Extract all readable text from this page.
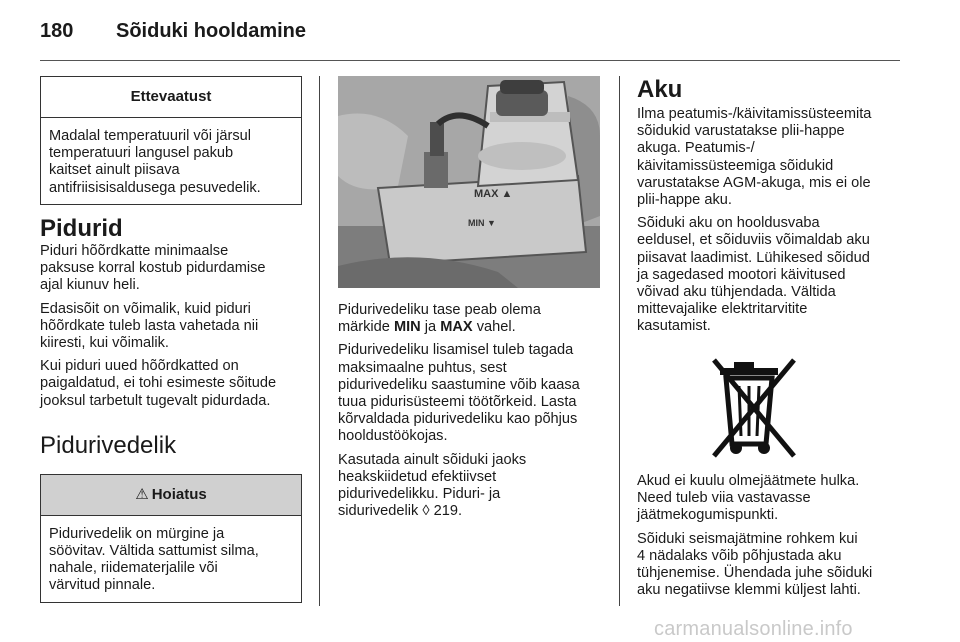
180 Sõiduki hooldamine
Ettevaatust
Madalal temperatuuril või järsul
temperatuuri langusel pakub
kaitset ainult piisava
antifriisisisaldusega pesuvedelik.
Pidurid

Piduri hõõrdkatte minimaalse
paksuse korral kostub pidurdamise
ajal kiunuv heli.

Edasisõit on võimalik, kuid piduri
hõõrdkate tuleb lasta vahetada nii
kiiresti, kui võimalik.

Kui piduri uued hõõrdkatted on
paigaldatud, ei tohi esimeste sõitude
jooksul tarbetult tugevalt pidurdada.

Pidurivedelik
⚠ Hoiatus
Pidurivedelik on mürgine ja
söövitav. Vältida sattumist silma,
nahale, riidematerjalile või
värvitud pinnale.
MAX ▲
MIN ▼

Pidurivedeliku tase peab olema
märkide MIN ja MAX vahel.

Pidurivedeliku lisamisel tuleb tagada
maksimaalne puhtus, sest
pidurivedeliku saastumine võib kaasa
tuua pidurisüsteemi töötõrkeid. Lasta
kõrvaldada pidurivedeliku kao põhjus
hooldustöökojas.

Kasutada ainult sõiduki jaoks
heakskiidetud efektiivset
pidurivedelikku. Piduri- ja
sidurivedelik ◊ 219.

Aku

Ilma peatumis-/käivitamissüsteemita
sõidukid varustatakse plii-happe
akuga. Peatumis-/
käivitamissüsteemiga sõidukid
varustatakse AGM-akuga, mis ei ole
plii-happe aku.

Sõiduki aku on hooldusvaba
eeldusel, et sõiduviis võimaldab aku
piisavat laadimist. Lühikesed sõidud
ja sagedased mootori käivitused
võivad aku tühjendada. Vältida
mittevajalike elektritarvitite
kasutamist.

Akud ei kuulu olmejäätmete hulka.
Need tuleb viia vastavasse
jäätmekogumispunkti.

Sõiduki seismajätmine rohkem kui
4 nädalaks võib põhjustada aku
tühjenemise. Ühendada juhe sõiduki
aku negatiivse klemmi küljest lahti.

carmanualsonline.info
